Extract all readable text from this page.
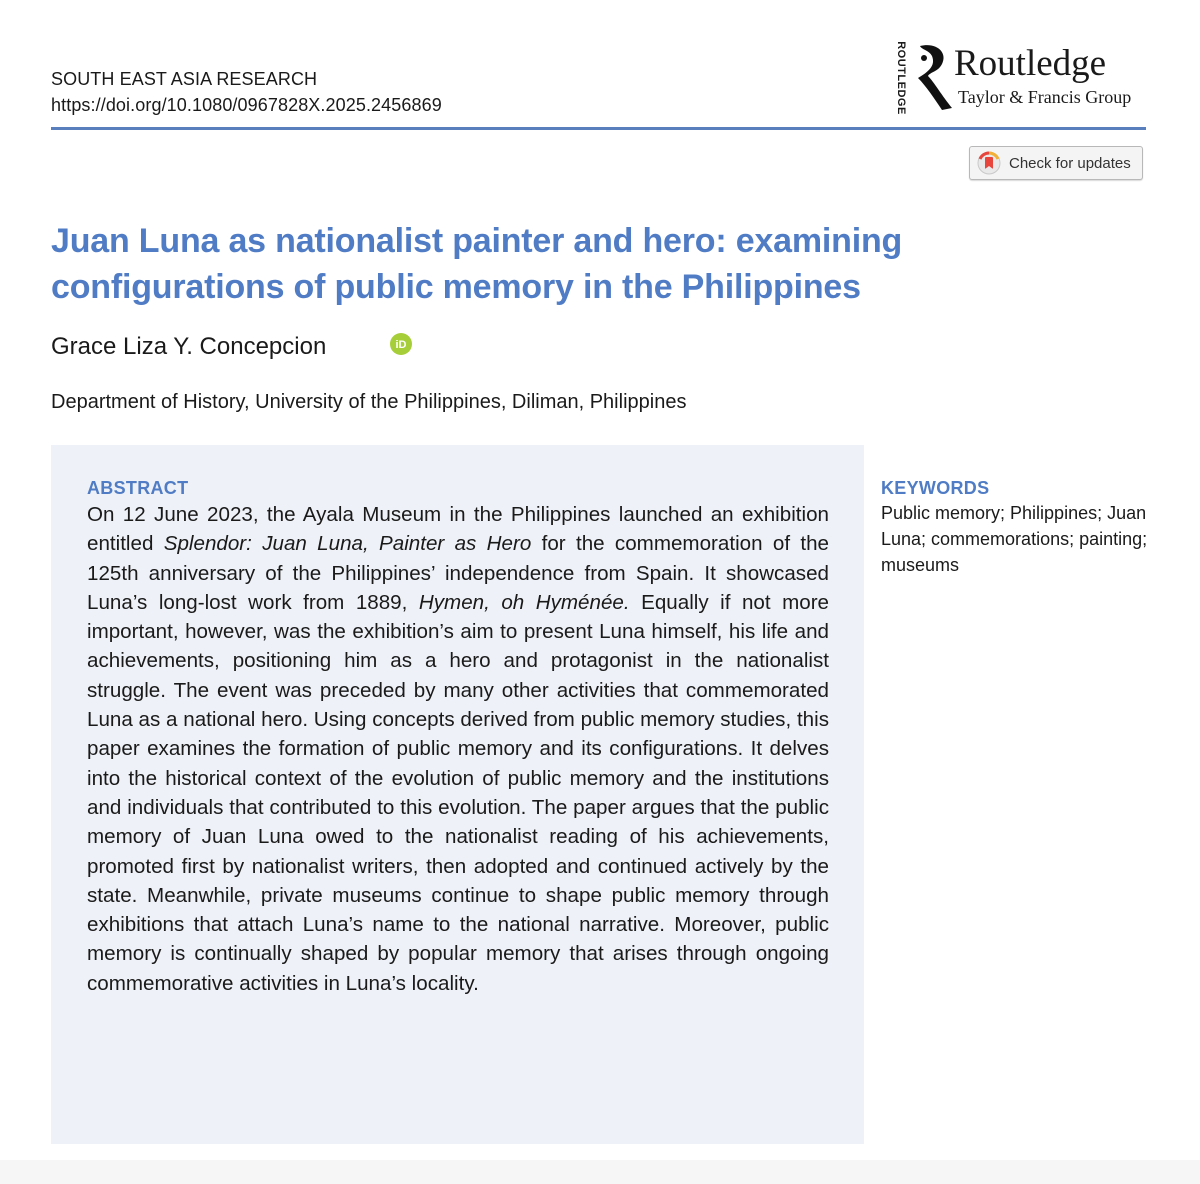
SOUTH EAST ASIA RESEARCH
https://doi.org/10.1080/0967828X.2025.2456869	ROUTLEDGE Routledge
Taylor & Francis Group
Check for updates
Juan Luna as nationalist painter and hero: examining configurations of public memory in the Philippines
Grace Liza Y. Concepcion	iD
Department of History, University of the Philippines, Diliman, Philippines
ABSTRACT

On 12 June 2023, the Ayala Museum in the Philippines launched an exhibition entitled Splendor: Juan Luna, Painter as Hero for the commemoration of the 125th anniversary of the Philippines’ independence from Spain. It showcased Luna’s long-lost work from 1889, Hymen, oh Hyménée. Equally if not more important, however, was the exhibition’s aim to present Luna himself, his life and achievements, positioning him as a hero and protagonist in the nationalist struggle. The event was preceded by many other activities that commemorated Luna as a national hero. Using concepts derived from public memory studies, this paper examines the formation of public memory and its configurations. It delves into the historical context of the evolution of public memory and the institutions and individuals that contributed to this evolution. The paper argues that the public memory of Juan Luna owed to the nationalist reading of his achievements, promoted first by nationalist writers, then adopted and continued actively by the state. Meanwhile, private museums continue to shape public memory through exhibitions that attach Luna’s name to the national narrative. Moreover, public memory is continually shaped by popular memory that arises through ongoing commemorative activities in Luna’s locality.

KEYWORDS
Public memory; Philippines; Juan Luna; commemorations; painting; museums
